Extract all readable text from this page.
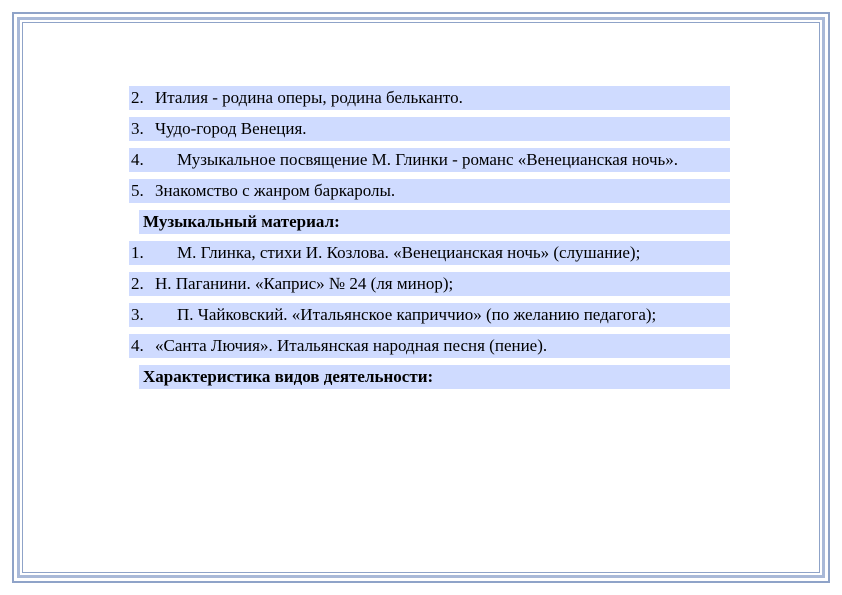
2. Италия - родина оперы, родина бельканто.
3. Чудо-город Венеция.
4.	Музыкальное посвящение М. Глинки - романс «Венецианская ночь».
5. Знакомство с жанром баркаролы.
Музыкальный материал:
1.	М. Глинка, стихи И. Козлова. «Венецианская ночь» (слушание);
2. Н. Паганини. «Каприс» № 24 (ля минор);
3.	П. Чайковский. «Итальянское каприччио» (по желанию педагога);
4. «Санта Лючия». Итальянская народная песня (пение).
Характеристика видов деятельности:
